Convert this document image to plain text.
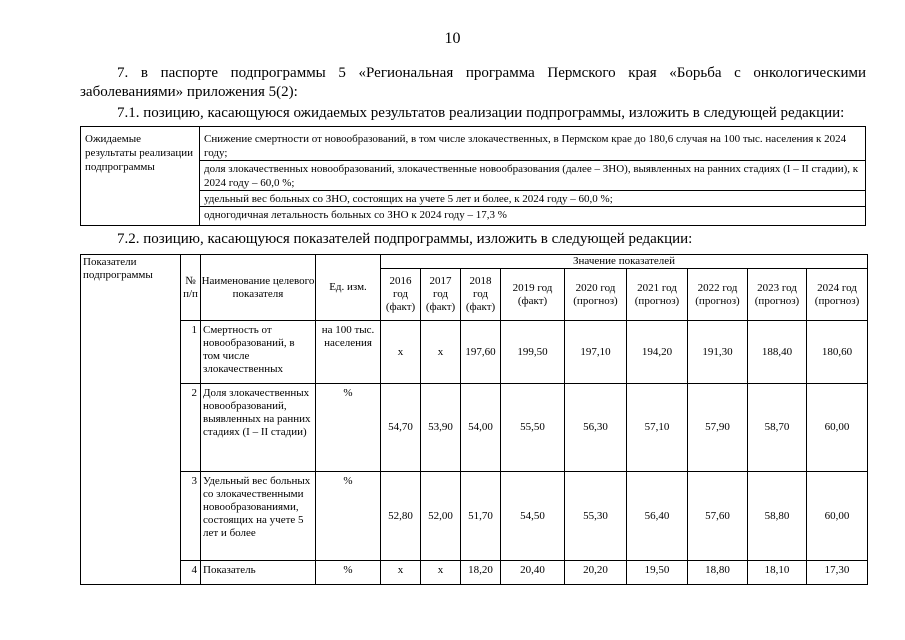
10
7. в паспорте подпрограммы 5 «Региональная программа Пермского края «Борьба с онкологическими заболеваниями» приложения 5(2):
7.1. позицию, касающуюся ожидаемых результатов реализации подпрограммы, изложить в следующей редакции:
Ожидаемые результаты реализации подпрограммы	
Снижение смертности от новообразований, в том числе злокачественных, в Пермском крае до 180,6 случая на 100 тыс. населения к 2024 году;
доля злокачественных новообразований, злокачественные новообразования (далее – ЗНО), выявленных на ранних стадиях (I – II стадии), к 2024 году – 60,0 %;
удельный вес больных со ЗНО, состоящих на учете 5 лет и более, к 2024 году – 60,0 %;
одногодичная летальность больных со ЗНО к 2024 году – 17,3 %
7.2. позицию, касающуюся показателей подпрограммы, изложить в следующей редакции:
Показатели подпрограммы	№ п/п	Наименование целевого показателя	Ед. изм.	Значение показателей								
				2016 год (факт)	2017 год (факт)	2018 год (факт)	2019 год (факт)	2020 год (прогноз)	2021 год (прогноз)	2022 год (прогноз)	2023 год (прогноз)	2024 год (прогноз)
	1	Смертность от новообразований, в том числе злокачественных	на 100 тыс. населения	х	х	197,60	199,50	197,10	194,20	191,30	188,40	180,60
	2	Доля злокачественных новообразований, выявленных на ранних стадиях (I – II стадии)	%	54,70	53,90	54,00	55,50	56,30	57,10	57,90	58,70	60,00
	3	Удельный вес больных со злокачественными новообразованиями, состоящих на учете 5 лет и более	%	52,80	52,00	51,70	54,50	55,30	56,40	57,60	58,80	60,00
	4	Показатель	%	х	х	18,20	20,40	20,20	19,50	18,80	18,10	17,30
